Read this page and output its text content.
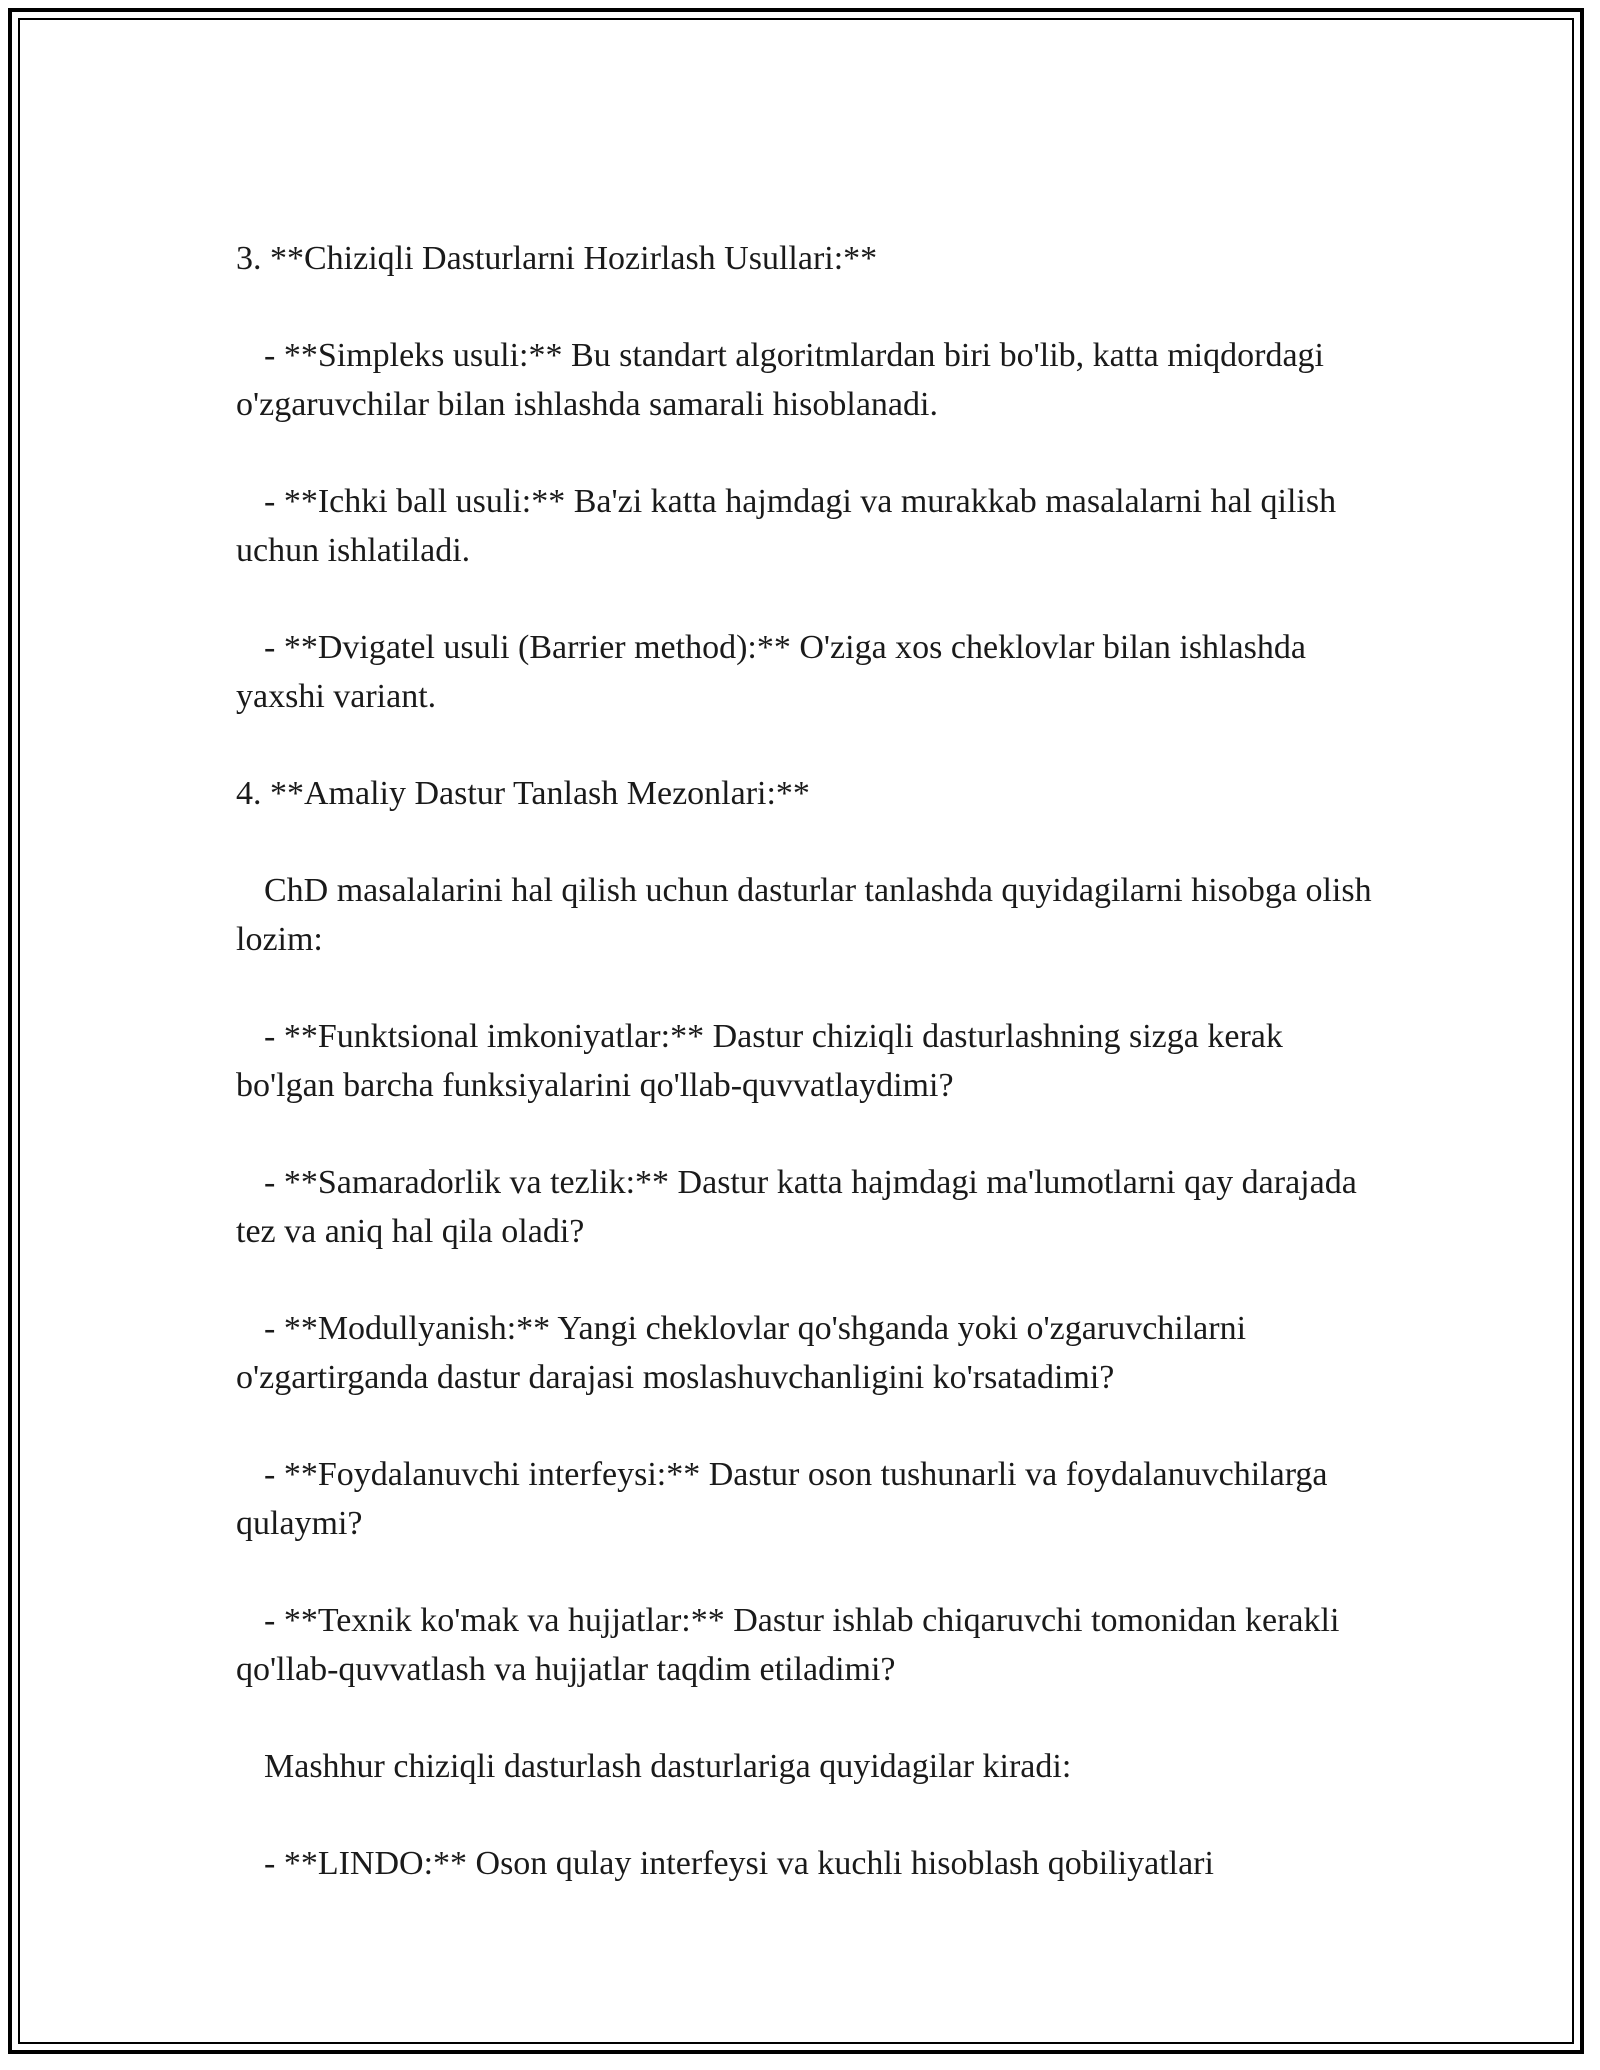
3. **Chiziqli Dasturlarni Hozirlash Usullari:**

- **Simpleks usuli:** Bu standart algoritmlardan biri bo'lib, katta miqdordagi o'zgaruvchilar bilan ishlashda samarali hisoblanadi.

- **Ichki ball usuli:** Ba'zi katta hajmdagi va murakkab masalalarni hal qilish uchun ishlatiladi.

- **Dvigatel usuli (Barrier method):** O'ziga xos cheklovlar bilan ishlashda yaxshi variant.

4. **Amaliy Dastur Tanlash Mezonlari:**

ChD masalalarini hal qilish uchun dasturlar tanlashda quyidagilarni hisobga olish lozim:

- **Funktsional imkoniyatlar:** Dastur chiziqli dasturlashning sizga kerak bo'lgan barcha funksiyalarini qo'llab-quvvatlaydimi?

- **Samaradorlik va tezlik:** Dastur katta hajmdagi ma'lumotlarni qay darajada tez va aniq hal qila oladi?

- **Modullyanish:** Yangi cheklovlar qo'shganda yoki o'zgaruvchilarni o'zgartirganda dastur darajasi moslashuvchanligini ko'rsatadimi?

- **Foydalanuvchi interfeysi:** Dastur oson tushunarli va foydalanuvchilarga qulaymi?

- **Texnik ko'mak va hujjatlar:** Dastur ishlab chiqaruvchi tomonidan kerakli qo'llab-quvvatlash va hujjatlar taqdim etiladimi?

Mashhur chiziqli dasturlash dasturlariga quyidagilar kiradi:

- **LINDO:** Oson qulay interfeysi va kuchli hisoblash qobiliyatlari
